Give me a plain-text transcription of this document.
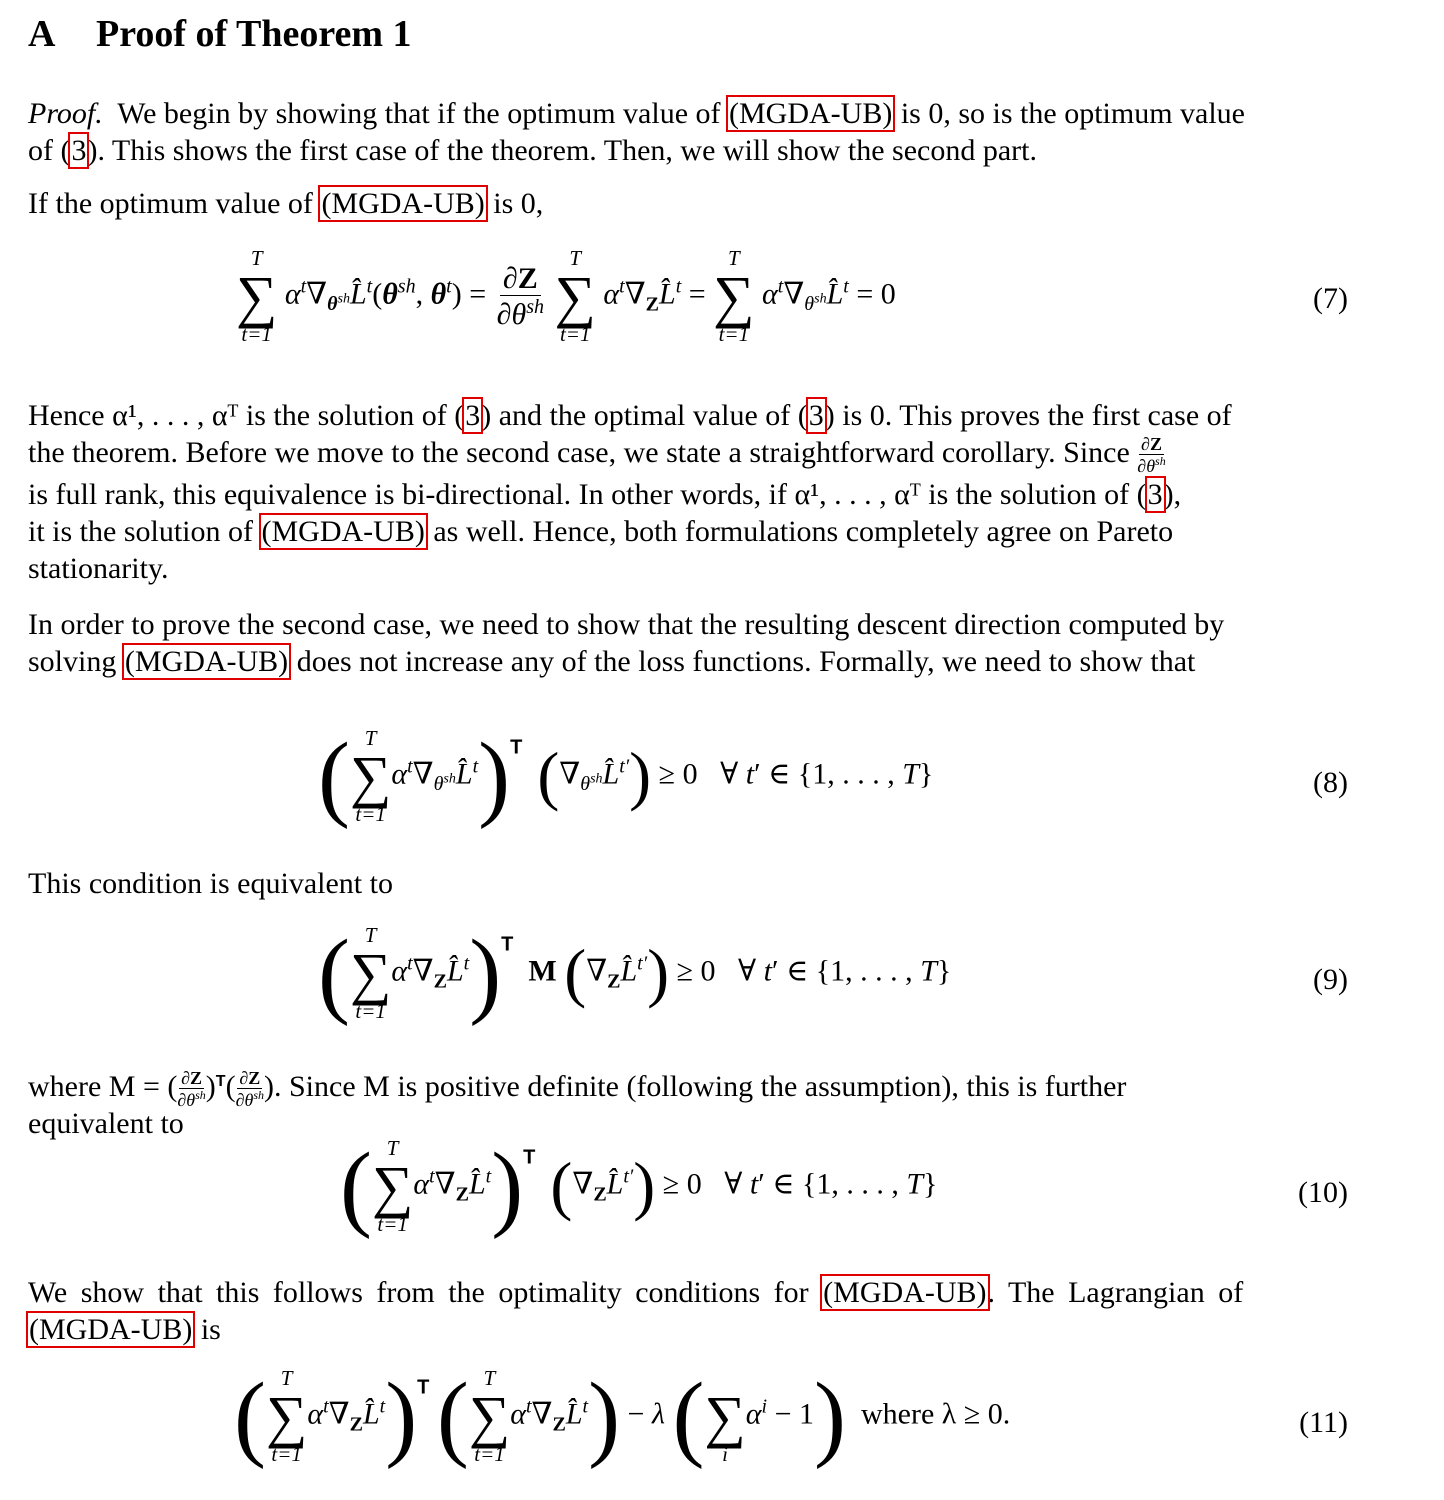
A Proof of Theorem 1
Proof. We begin by showing that if the optimum value of (MGDA-UB) is 0, so is the optimum value
of (3). This shows the first case of the theorem. Then, we will show the second part.
If the optimum value of (MGDA-UB) is 0,
T
∑
t=1
$\alpha^t\nabla_{\theta^{sh}}L̂^t(\theta^{sh}$, $\theta^t) = \frac{\partial Z}{\partial\theta^{sh}}$

T
∑
t=1
$\alpha^t\nabla_ZL̂^t$ =
T
∑
t=1
$\alpha^t\nabla_{\theta^{sh}}L̂^t = 0$	(7)
Hence α¹, . . . , αᵀ is the solution of (3) and the optimal value of (3) is 0. This proves the first case of
the theorem. Before we move to the second case, we state a straightforward corollary. Since ∂Z
$\partial\theta^{sh}$
is full rank, this equivalence is bi-directional. In other words, if α¹, . . . , αᵀ is the solution of (3),
it is the solution of (MGDA-UB) as well. Hence, both formulations completely agree on Pareto
stationarity.
In order to prove the second case, we need to show that the resulting descent direction computed by
solving (MGDA-UB) does not increase any of the loss functions. Formally, we need to show that
( T
∑
t=1
$\alpha^t\nabla_{\theta^{sh}}L̂^t)^T$ $(\nabla_{\theta^{sh}}L̂^{t'}) \ge 0$   ∀ t′ ∈ {1, . . . , T}	(8)
This condition is equivalent to
( T
∑
t=1
$\alpha^t\nabla_ZL̂^t)^T$  M $(\nabla_ZL̂^{t'}) \ge 0$   ∀ t′ ∈ {1, . . . , T}	(9)
where M = ( ∂Z
$\partial\theta^{sh}$ )$^T$( ∂Z
$\partial\theta^{sh}$ ). Since M is positive definite (following the assumption), this is further
equivalent to
( T
∑
t=1
$\alpha^t\nabla_ZL̂^t)^T$ $(\nabla_ZL̂^{t'}) \ge 0$   ∀ t′ ∈ {1, . . . , T}	(10)
We show that this follows from the optimality conditions for (MGDA-UB). The Lagrangian of
(MGDA-UB) is
( T
∑
t=1
$\alpha^t\nabla_ZL̂^t)^T$ ( T
∑
t=1
$\alpha^t\nabla_ZL̂^t) - \lambda$ ( ∑
i
$\alpha^i - 1$) where λ ≥ 0.	(11)
